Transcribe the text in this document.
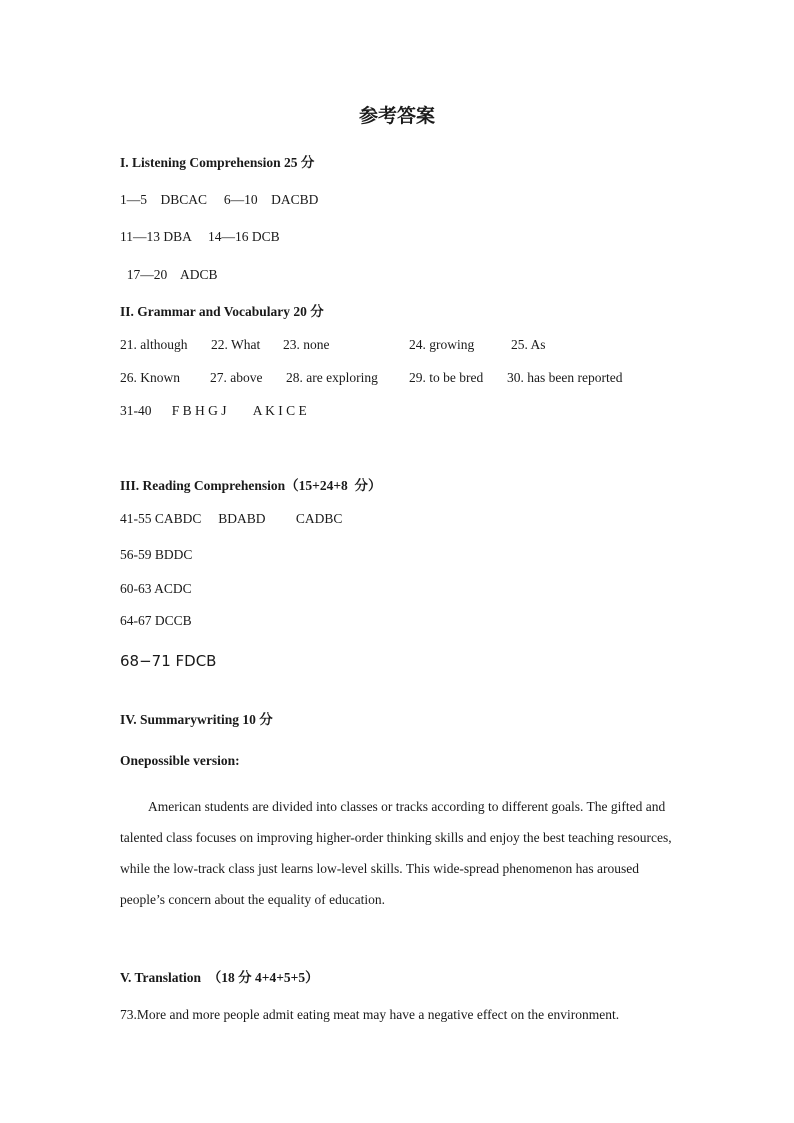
参考答案
I. Listening Comprehension 25 分
1—5    DBCAC     6—10    DACBD
11—13 DBA     14—16 DCB
17—20    ADCB
II. Grammar and Vocabulary 20 分
21. although 22. What 23. none	24. growing	25. As
26. Known 27. above 28. are exploring 29. to be bred 30. has been reported
31-40      F B H G J        A K I C E
III. Reading Comprehension（15+24+8  分）
41-55 CABDC     BDABD         CADBC
56-59 BDDC
60-63 ACDC
64-67 DCCB
68−71 FDCB
IV. Summarywriting 10 分
Onepossible version:

American students are divided into classes or tracks according to different goals. The gifted and talented class focuses on improving higher-order thinking skills and enjoy the best teaching resources, while the low-track class just learns low-level skills. This wide-spread phenomenon has aroused people’s concern about the equality of education.

V. Translation  （18 分 4+4+5+5）
73.More and more people admit eating meat may have a negative effect on the environment.
